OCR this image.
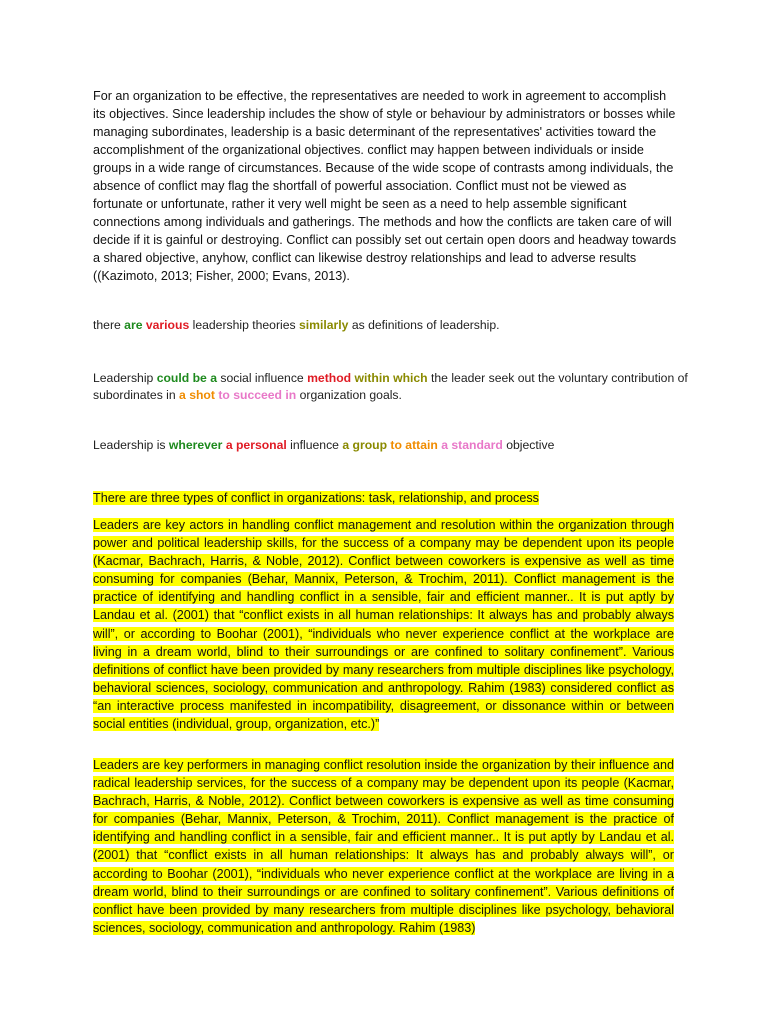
For an organization to be effective, the representatives are needed to work in agreement to accomplish its objectives. Since leadership includes the show of style or behaviour by administrators or bosses while managing subordinates, leadership is a basic determinant of the representatives' activities toward the accomplishment of the organizational objectives. conflict may happen between individuals or inside groups in a wide range of circumstances. Because of the wide scope of contrasts among individuals, the absence of conflict may flag the shortfall of powerful association. Conflict must not be viewed as fortunate or unfortunate, rather it very well might be seen as a need to help assemble significant connections among individuals and gatherings. The methods and how the conflicts are taken care of will decide if it is gainful or destroying. Conflict can possibly set out certain open doors and headway towards a shared objective, anyhow, conflict can likewise destroy relationships and lead to adverse results ((Kazimoto, 2013; Fisher, 2000; Evans, 2013).

there are various leadership theories similarly as definitions of leadership.

Leadership could be a social influence method within which the leader seek out the voluntary contribution of subordinates in a shot to succeed in organization goals.

Leadership is wherever a personal influence a group to attain a standard objective

There are three types of conflict in organizations: task, relationship, and process

Leaders are key actors in handling conflict management and resolution within the organization through power and political leadership skills, for the success of a company may be dependent upon its people (Kacmar, Bachrach, Harris, & Noble, 2012). Conflict between coworkers is expensive as well as time consuming for companies (Behar, Mannix, Peterson, & Trochim, 2011). Conflict management is the practice of identifying and handling conflict in a sensible, fair and efficient manner.. It is put aptly by Landau et al. (2001) that “conflict exists in all human relationships: It always has and probably always will”, or according to Boohar (2001), “individuals who never experience conflict at the workplace are living in a dream world, blind to their surroundings or are confined to solitary confinement”. Various definitions of conflict have been provided by many researchers from multiple disciplines like psychology, behavioral sciences, sociology, communication and anthropology. Rahim (1983) considered conflict as “an interactive process manifested in incompatibility, disagreement, or dissonance within or between social entities (individual, group, organization, etc.)”

Leaders are key performers in managing conflict resolution inside the organization by their influence and radical leadership services, for the success of a company may be dependent upon its people (Kacmar, Bachrach, Harris, & Noble, 2012). Conflict between coworkers is expensive as well as time consuming for companies (Behar, Mannix, Peterson, & Trochim, 2011). Conflict management is the practice of identifying and handling conflict in a sensible, fair and efficient manner.. It is put aptly by Landau et al. (2001) that “conflict exists in all human relationships: It always has and probably always will”, or according to Boohar (2001), “individuals who never experience conflict at the workplace are living in a dream world, blind to their surroundings or are confined to solitary confinement”. Various definitions of conflict have been provided by many researchers from multiple disciplines like psychology, behavioral sciences, sociology, communication and anthropology. Rahim (1983)
